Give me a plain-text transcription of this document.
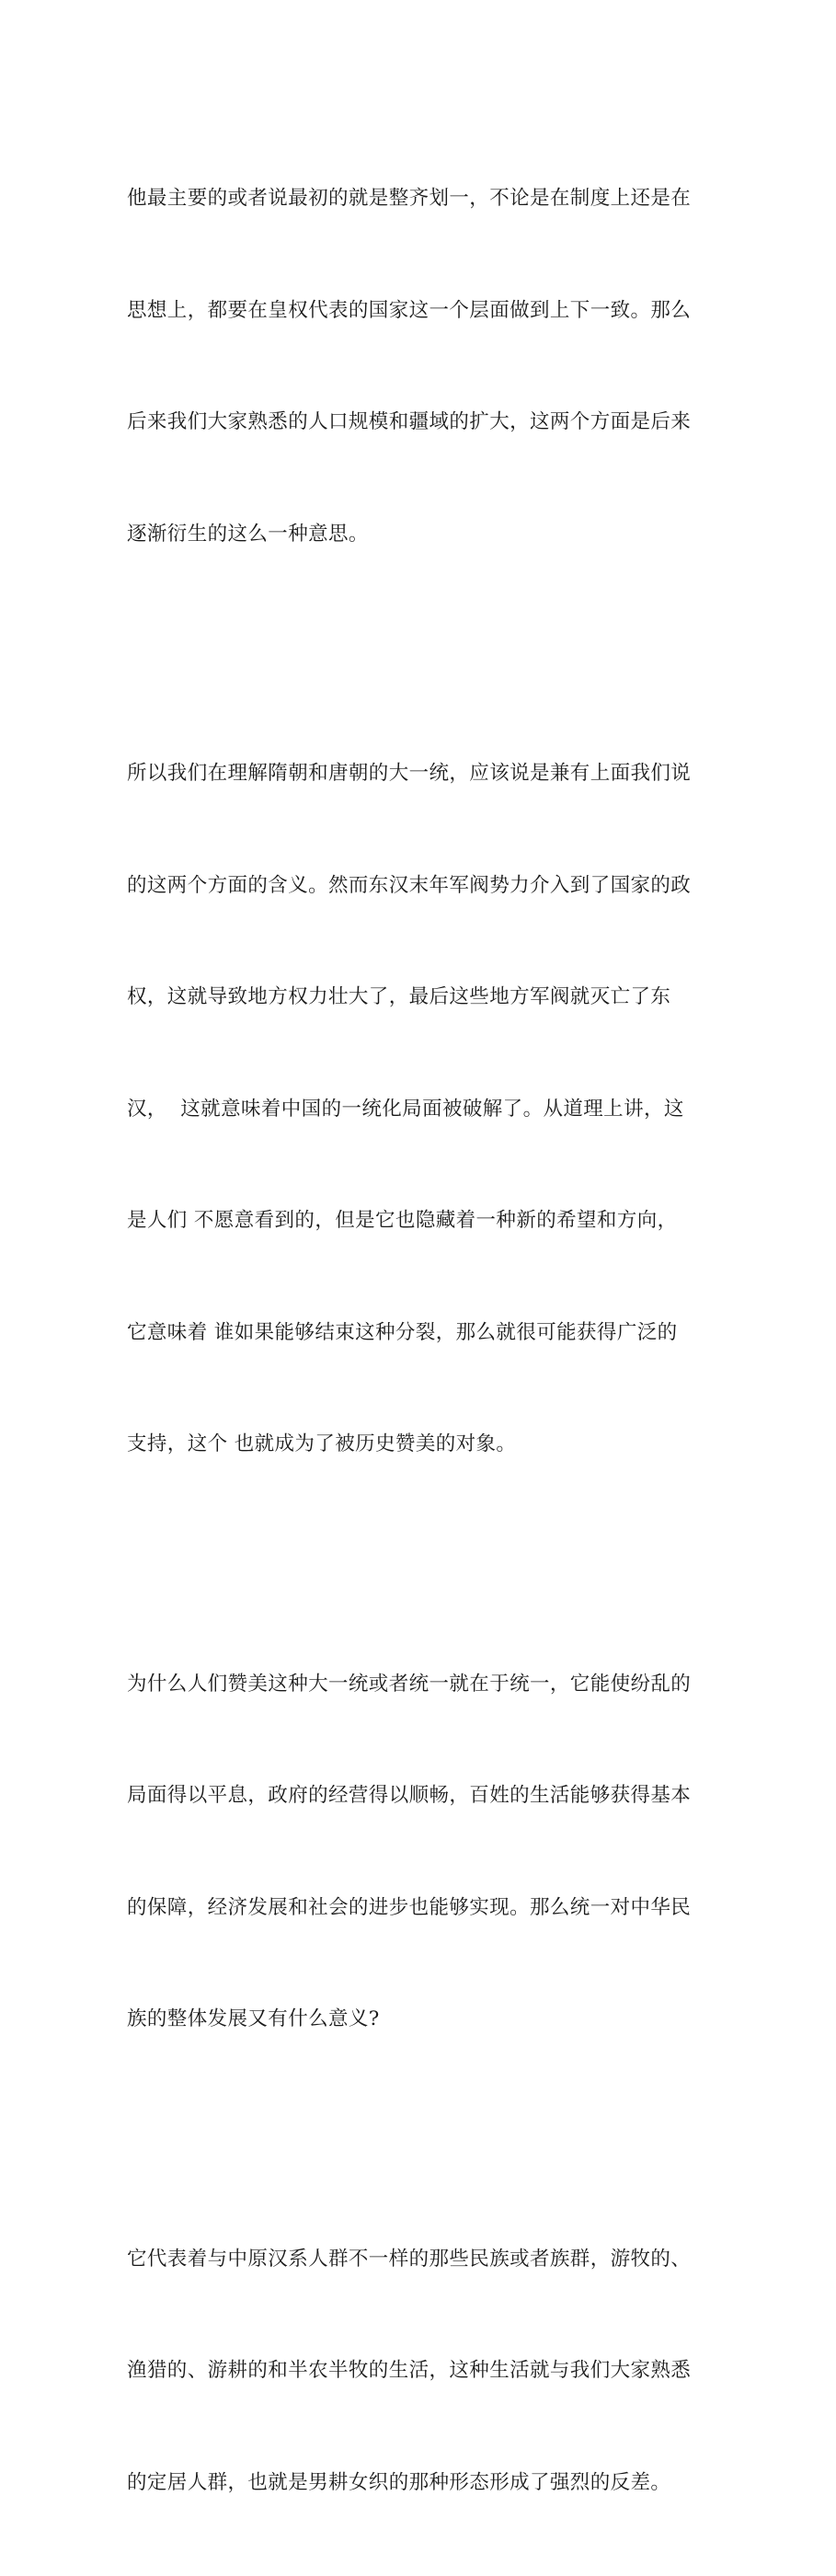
他最主要的或者说最初的就是整齐划一，不论是在制度上还是在

思想上，都要在皇权代表的国家这一个层面做到上下一致。那么

后来我们大家熟悉的人口规模和疆域的扩大，这两个方面是后来

逐渐衍生的这么一种意思。

所以我们在理解隋朝和唐朝的大一统，应该说是兼有上面我们说

的这两个方面的含义。然而东汉末年军阀势力介入到了国家的政

权，这就导致地方权力壮大了，最后这些地方军阀就灭亡了东

汉，  这就意味着中国的一统化局面被破解了。从道理上讲，这

是人们 不愿意看到的，但是它也隐藏着一种新的希望和方向，

它意味着 谁如果能够结束这种分裂，那么就很可能获得广泛的

支持，这个 也就成为了被历史赞美的对象。

为什么人们赞美这种大一统或者统一就在于统一，它能使纷乱的

局面得以平息，政府的经营得以顺畅，百姓的生活能够获得基本

的保障，经济发展和社会的进步也能够实现。那么统一对中华民

族的整体发展又有什么意义?

它代表着与中原汉系人群不一样的那些民族或者族群，游牧的、

渔猎的、游耕的和半农半牧的生活，这种生活就与我们大家熟悉

的定居人群，也就是男耕女织的那种形态形成了强烈的反差。
